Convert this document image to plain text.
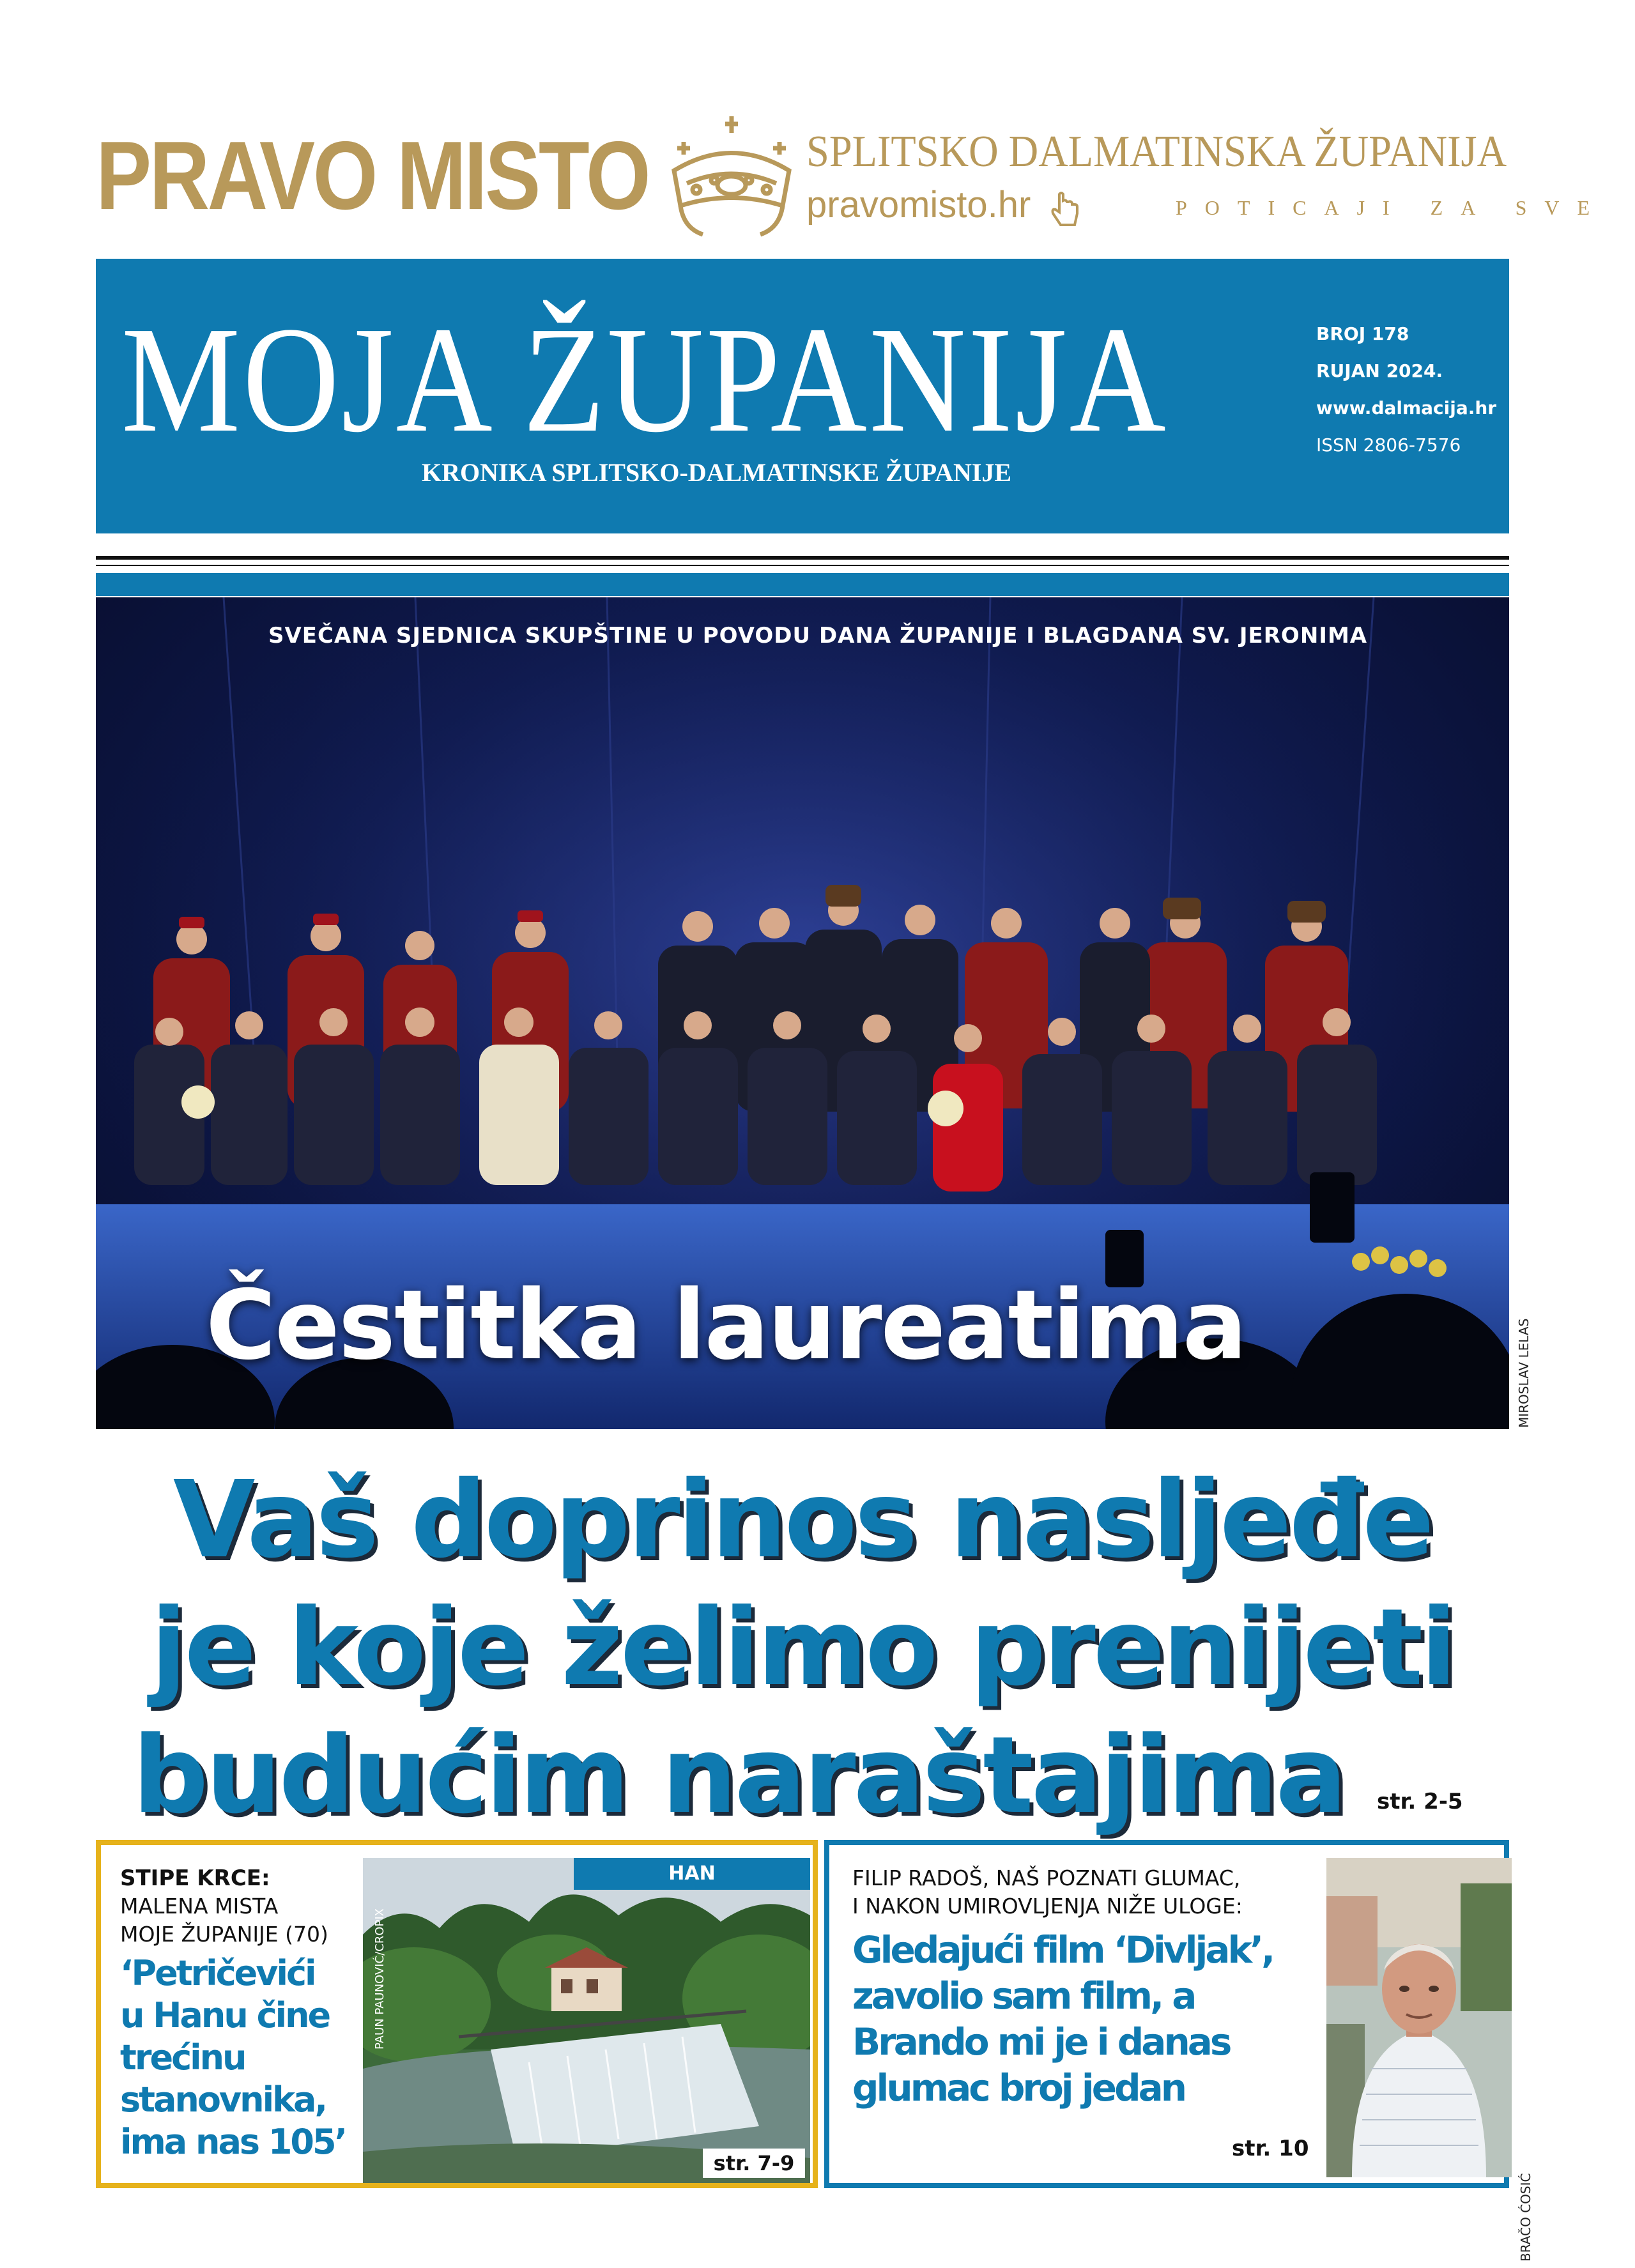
PRAVO MISTO	SPLITSKO DALMATINSKA ŽUPANIJA
pravomisto.hr	POTICAJI ZA SVE
MOJA ŽUPANIJA
KRONIKA SPLITSKO-DALMATINSKE ŽUPANIJE
BROJ 178
RUJAN 2024.
www.dalmacija.hr
ISSN 2806-7576
SVEČANA SJEDNICA SKUPŠTINE U POVODU DANA ŽUPANIJE I BLAGDANA SV. JERONIMA
Čestitka laureatima	MIROSLAV LELAS
Vaš doprinos nasljeđe
je koje želimo prenijeti
budućim naraštajima	str. 2-5
STIPE KRCE:
MALENA MISTA
MOJE ŽUPANIJE (70)
‘Petričevići
u Hanu čine
trećinu
stanovnika,
ima nas 105’
HAN
str. 7-9
PAUN PAUNOVIĆ/CROPIX
FILIP RADOŠ, NAŠ POZNATI GLUMAC,
I NAKON UMIROVLJENJA NIŽE ULOGE:
Gledajući film ‘Divljak’,
zavolio sam film, a
Brando mi je i danas
glumac broj jedan
str. 10
BRAČO ĆOSIĆ
